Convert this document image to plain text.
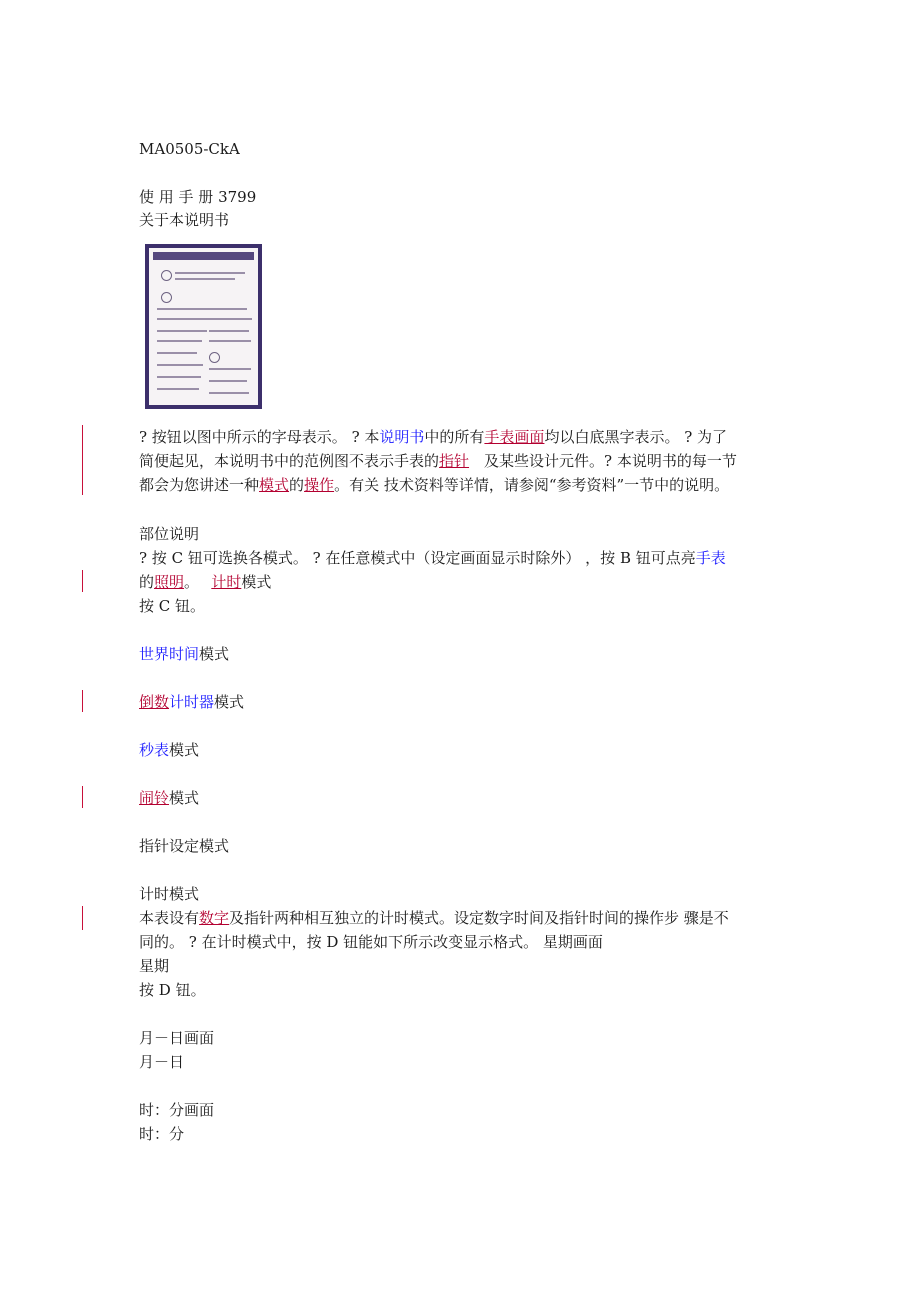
MA0505-CkA
使 用 手 册 3799
关于本说明书
? 按钮以图中所示的字母表示。 ? 本说明书中的所有手表画面均以白底黑字表示。 ? 为了
简便起见，本说明书中的范例图不表示手表的指针　及某些设计元件。? 本说明书的每一节
都会为您讲述一种模式的操作。有关 技术资料等详情，请参阅“参考资料”一节中的说明。
部位说明
? 按 C 钮可选换各模式。 ? 在任意模式中（设定画面显示时除外） ，按 B 钮可点亮手表
的照明。　 计时模式
按 C 钮。
世界时间模式
倒数计时器模式
秒表模式
闹铃模式
指针设定模式
计时模式
本表设有数字及指针两种相互独立的计时模式。设定数字时间及指针时间的操作步 骤是不
同的。 ? 在计时模式中，按 D 钮能如下所示改变显示格式。 星期画面
星期
按 D 钮。
月－日画面
月－日
时：分画面
时：分
